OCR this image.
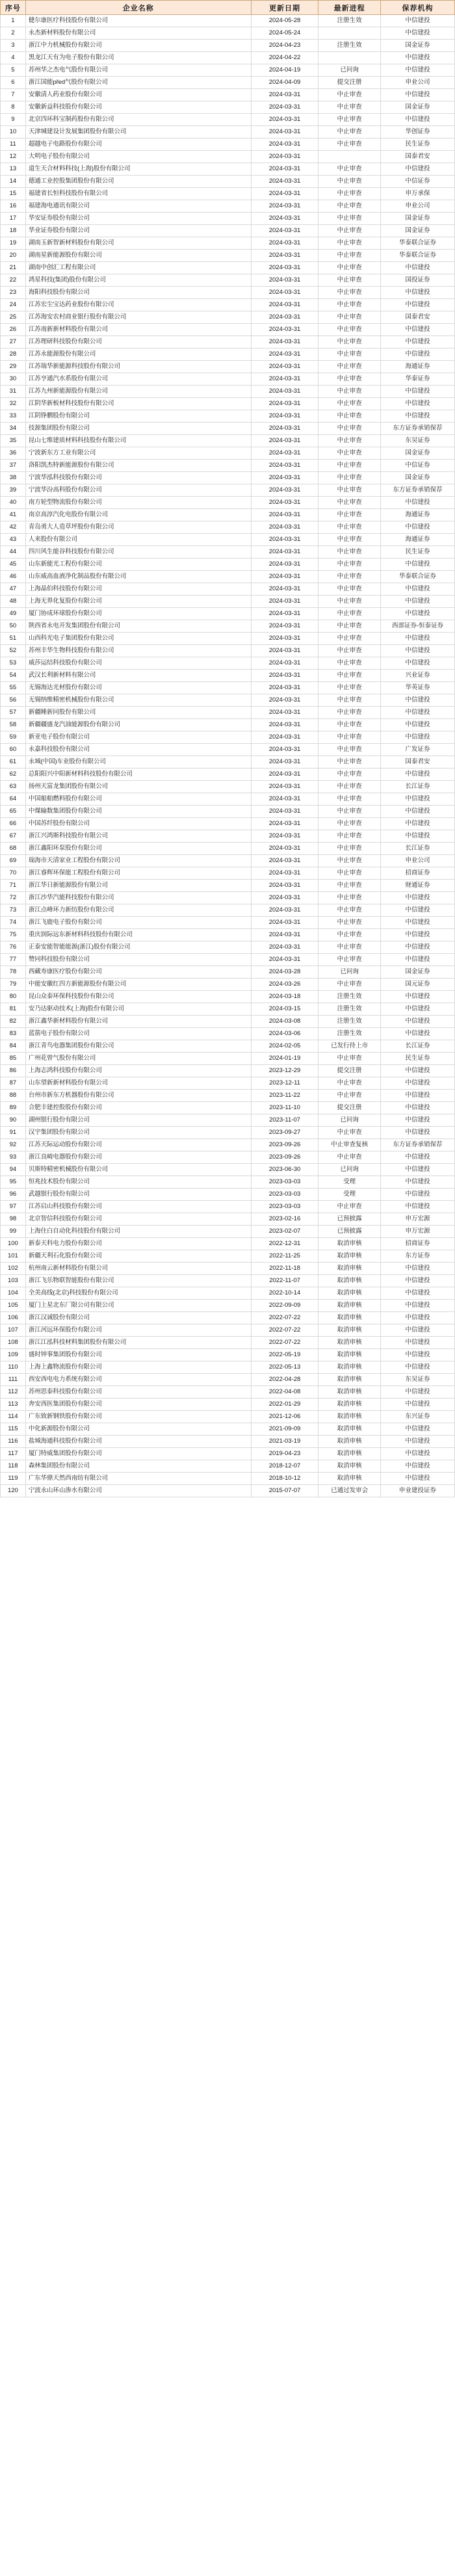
序号	企业名称	更新日期	最新进程	保荐机构
1	健尔康医疗科技股份有限公司	2024-05-28	注册生效	中信建投
2	永杰新材料股份有限公司	2024-05-24		中信建投
3	浙江中力机械股份有限公司	2024-04-23	注册生效	国金证券
4	黑龙江天有为电子股份有限公司	2024-04-22		中信建投
5	苏州华之杰电气股份有限公司	2024-04-19	已问询	中信建投
6	浙江国能před气股份有限公司	2024-04-09	提交注册	申业公司
7	安徽清人药业股份有限公司	2024-03-31	中止审查	中信建投
8	安徽新益科技股份有限公司	2024-03-31	中止审查	国金证券
9	北京四环科宝制药股份有限公司	2024-03-31	中止审查	中信建投
10	天津城建设计发展集团股份有限公司	2024-03-31	中止审查	华创证券
11	超越电子电路股份有限公司	2024-03-31	中止审查	民生证券
12	大明电子股份有限公司	2024-03-31		国泰君安
13	道生天合材料科技(上海)股份有限公司	2024-03-31	中止审查	中信建投
14	德通工业控股集团股份有限公司	2024-03-31	中止审查	中信证券
15	福建省长恒科技股份有限公司	2024-03-31	中止审查	申万承保
16	福建海电通讯有限公司	2024-03-31	中止审查	申业公司
17	华安证券股份有限公司	2024-03-31	中止审查	国金证券
18	华业证券股份有限公司	2024-03-31	中止审查	国金证券
19	湖南玉新智新材料股份有限公司	2024-03-31	中止审查	华泰联合证券
20	湖南星新能源股份有限公司	2024-03-31	中止审查	华泰联合证券
21	湖南中创汇工程有限公司	2024-03-31	中止审查	中信建投
22	鸿星科技(集团)股份有限公司	2024-03-31	中止审查	国投证券
23	海阳科技股份有限公司	2024-03-31	中止审查	中信建投
24	江苏宏尘宝达药业股份有限公司	2024-03-31	中止审查	中信建投
25	江苏海安农村商业银行股份有限公司	2024-03-31	中止审查	国泰君安
26	江苏南新新材料股份有限公司	2024-03-31	中止审查	中信建投
27	江苏理研科技股份有限公司	2024-03-31	中止审查	中信建投
28	江苏永能源股份有限公司	2024-03-31	中止审查	中信建投
29	江苏瑞华新能源科技股份有限公司	2024-03-31	中止审查	海通证券
30	江苏亨通汽水系股份有限公司	2024-03-31	中止审查	华泰证券
31	江苏九州新能源股份有限公司	2024-03-31	中止审查	中信建投
32	江阴华新板材科技股份有限公司	2024-03-31	中止审查	中信建投
33	江阴铮鹏股份有限公司	2024-03-31	中止审查	中信建投
34	技源集团股份有限公司	2024-03-31	中止审查	东方证券承销保荐
35	昆山七维建质材料科技股份有限公司	2024-03-31	中止审查	东吴证券
36	宁波新东方工业有限公司	2024-03-31	中止审查	国金证券
37	洛阳凯杰特新能源股份有限公司	2024-03-31	中止审查	中信证券
38	宁波华泓科技股份有限公司	2024-03-31	中止审查	国金证券
39	宁波华汾高科股份有限公司	2024-03-31	中止审查	东方证券承销保荐
40	南方轮型物流股份有限公司	2024-03-31	中止审查	中信建投
41	南京高淳汽化电股份有限公司	2024-03-31	中止审查	海通证券
42	青岛勇大人造草坪股份有限公司	2024-03-31	中止审查	中信建投
43	人来股份有限公司	2024-03-31	中止审查	海通证券
44	四川风生能谷科技股份有限公司	2024-03-31	中止审查	民生证券
45	山东新能光工程份有限公司	2024-03-31	中止审查	中信建投
46	山东威高血液净化制品股份有限公司	2024-03-31	中止审查	华泰联合证券
47	上海晶伯科技股份有限公司	2024-03-31	中止审查	中信建投
48	上海无界化复股份有限公司	2024-03-31	中止审查	中信建投
49	厦门协成环球股份有限公司	2024-03-31	中止审查	中信建投
50	陕西省永电开发集团股份有限公司	2024-03-31	中止审查	西部证券-恒泰证券
51	山西科光电子集团股份有限公司	2024-03-31	中止审查	中信建投
52	苏州丰华生物科技股份有限公司	2024-03-31	中止审查	中信建投
53	威莎运结科技股份有限公司	2024-03-31	中止审查	中信建投
54	武汉长利新材料有限公司	2024-03-31	中止审查	兴业证券
55	无锡海达光材股份有限公司	2024-03-31	中止审查	华英证券
56	无锡纳维精密机械股份有限公司	2024-03-31	中止审查	中信建投
57	新疆睡新同股份有限公司	2024-03-31	中止审查	中信建投
58	新疆疆盛龙汽油能源股份有限公司	2024-03-31	中止审查	中信建投
59	新亚电子股份有限公司	2024-03-31	中止审查	中信建投
60	永嘉科技股份有限公司	2024-03-31	中止审查	广发证券
61	永城(中国)车业股份有限公司	2024-03-31	中止审查	国泰君安
62	总阳阳兴中阳新材料科技股份有限公司	2024-03-31	中止审查	中信建投
63	扬州天富龙集团股份有限公司	2024-03-31	中止审查	长江证券
64	中国船舶燃料股份有限公司	2024-03-31	中止审查	中信建投
65	中煤输数集团股份有限公司	2024-03-31	中止审查	中信建投
66	中国苏纤股份有限公司	2024-03-31	中止审查	中信建投
67	浙江兴鸿斯科技股份有限公司	2024-03-31	中止审查	中信建投
68	浙江鑫阳环泵股份有限公司	2024-03-31	中止审查	长江证券
69	瑞海市天清家业工程股份有限公司	2024-03-31	中止审查	申业公司
70	浙江睿辉环保能工程股份有限公司	2024-03-31	中止审查	招商证券
71	浙江华日新能源股份有限公司	2024-03-31	中止审查	财通证券
72	浙江沙华汽能科技股份有限公司	2024-03-31	中止审查	中信建投
73	浙江点峰环力新纺股份有限公司	2024-03-31	中止审查	中信建投
74	浙江飞鹿电子股份有限公司	2024-03-31	中止审查	中信建投
75	重庆润际远东新材料科技股份有限公司	2024-03-31	中止审查	中信建投
76	正泰安能智能能源(浙江)股份有限公司	2024-03-31	中止审查	中信建投
77	赞同科技股份有限公司	2024-03-31	中止审查	中信建投
78	西藏寿康医疗股份有限公司	2024-03-28	已问询	国金证券
79	中能安徽红四方新能源股份有限公司	2024-03-26	中止审查	国元证券
80	昆山众泰环保科技股份有限公司	2024-03-18	注册生效	中信建投
81	安乃达驱动技术(上海)股份有限公司	2024-03-15	注册生效	中信建投
82	浙江鑫华新材料股份有限公司	2024-03-08	注册生效	中信建投
83	蓝箭电子股份有限公司	2024-03-06	注册生效	中信建投
84	浙江青鸟电器集团股份有限公司	2024-02-05	已发行待上市	长江证券
85	广州花曾气股份有限公司	2024-01-19	中止审查	民生证券
86	上海志鸿科技股份有限公司	2023-12-29	提交注册	中信建投
87	山东望新新材料股份有限公司	2023-12-11	中止审查	中信建投
88	台州市新东方机器股份有限公司	2023-11-22	中止审查	中信建投
89	合肥丰建控股股份有限公司	2023-11-10	提交注册	中信建投
90	湖州银行股份有限公司	2023-11-07	已问询	中信建投
91	汉宇集团股份有限公司	2023-09-27	中止审查	中信建投
92	江苏天际运动股份有限公司	2023-09-26	中止审查复核	东方证券承销保荐
93	浙江良崎电器股份有限公司	2023-09-26	中止审查	中信建投
94	贝斯特精密机械股份有限公司	2023-06-30	已问询	中信建投
95	恒兆技术股份有限公司	2023-03-03	受理	中信建投
96	武越银行股份有限公司	2023-03-03	受理	中信建投
97	江苏启山科技股份有限公司	2023-03-03	中止审查	中信建投
98	北京智信科技股份有限公司	2023-02-16	已预披露	申万宏源
99	上海住白自动化科技股份有限公司	2023-02-07	已预披露	申万宏源
100	新泰天科电力股份有限公司	2022-12-31	取消审核	招商证券
101	新疆天利石化股份有限公司	2022-11-25	取消审核	东方证券
102	杭州南云新材料股份有限公司	2022-11-18	取消审核	中信建投
103	浙江飞乐物联智能股份有限公司	2022-11-07	取消审核	中信建投
104	全美高线(北京)科技股份有限公司	2022-10-14	取消审核	中信建投
105	厦门上星北东厂限公司有限公司	2022-09-09	取消审核	中信建投
106	浙江汉诚股份有限公司	2022-07-22	取消审核	中信建投
107	浙江河远环保股份有限公司	2022-07-22	取消审核	中信建投
108	浙江江泓科技材料集团股份有限公司	2022-07-22	取消审核	中信建投
109	盛时钟事集团股份有限公司	2022-05-19	取消审核	中信建投
110	上海上鑫物流股份有限公司	2022-05-13	取消审核	中信建投
111	西安西电电力系统有限公司	2022-04-28	取消审核	东吴证券
112	苏州思泰科技股份有限公司	2022-04-08	取消审核	中信建投
113	奔安西医集团股份有限公司	2022-01-29	取消审核	中信建投
114	广东致新钢铁股份有限公司	2021-12-06	取消审核	东兴证券
115	中化新源股份有限公司	2021-09-09	取消审核	中信建投
116	盐城海通科技股份有限公司	2021-03-19	取消审核	中信建投
117	厦门特威集团股份有限公司	2019-04-23	取消审核	中信建投
118	森林集团股份有限公司	2018-12-07	取消审核	中信建投
119	广东华鼎天然西南纺有限公司	2018-10-12	取消审核	中信建投
120	宁波永山环山渗水有限公司	2015-07-07	已通过发审会	申业建投证券
